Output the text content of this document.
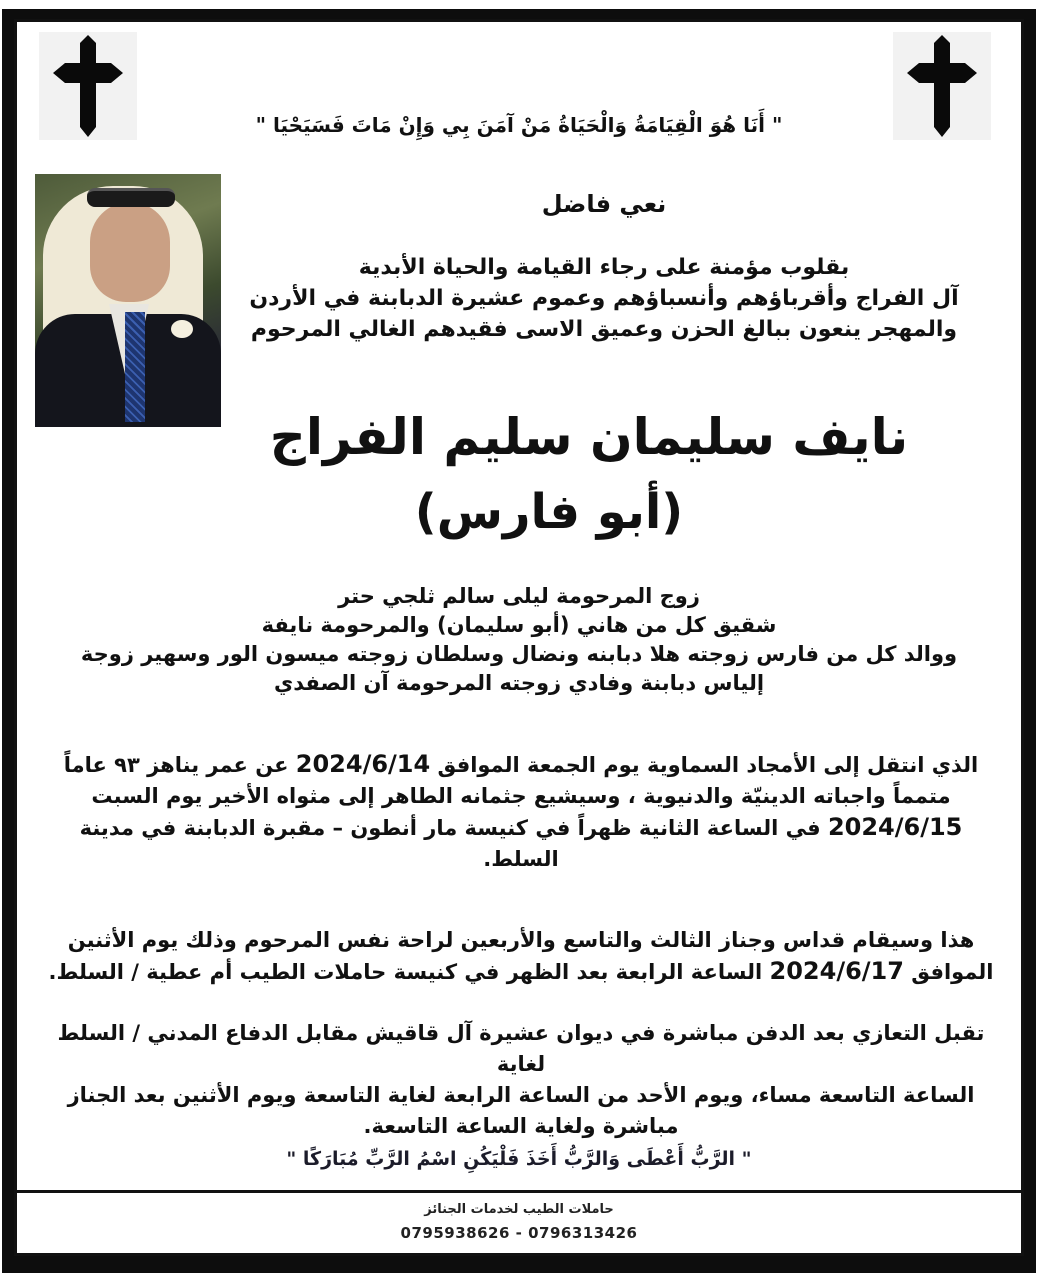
" أَنَا هُوَ الْقِيَامَةُ وَالْحَيَاةُ مَنْ آمَنَ بِي وَإِنْ مَاتَ فَسَيَحْيَا "
نعي فاضل
بقلوب مؤمنة على رجاء القيامة والحياة الأبدية
آل الفراج وأقرباؤهم وأنسباؤهم وعموم عشيرة الدبابنة في الأردن
والمهجر ينعون ببالغ الحزن وعميق الاسى فقيدهم الغالي المرحوم
نايف سليمان سليم الفراج
(أبو فارس)
زوج المرحومة ليلى سالم ثلجي حتر
شقيق كل من هاني (أبو سليمان) والمرحومة نايفة
ووالد كل من فارس زوجته هلا دبابنه ونضال وسلطان زوجته ميسون الور وسهير زوجة
إلياس دبابنة وفادي زوجته المرحومة آن الصفدي
الذي انتقل إلى الأمجاد السماوية يوم الجمعة الموافق 2024/6/14 عن عمر يناهز ٩٣ عاماً
متمماً واجباته الدينيّة والدنيوية ، وسيشيع جثمانه الطاهر إلى مثواه الأخير يوم السبت
2024/6/15 في الساعة الثانية ظهراً في كنيسة مار أنطون – مقبرة الدبابنة في مدينة
السلط.
هذا وسيقام قداس وجناز الثالث والتاسع والأربعين لراحة نفس المرحوم وذلك يوم الأثنين
الموافق 2024/6/17 الساعة الرابعة بعد الظهر في كنيسة حاملات الطيب أم عطية / السلط.
تقبل التعازي بعد الدفن مباشرة في ديوان عشيرة آل قاقيش مقابل الدفاع المدني / السلط لغاية
الساعة التاسعة مساء، ويوم الأحد من الساعة الرابعة لغاية التاسعة ويوم الأثنين بعد الجناز
مباشرة ولغاية الساعة التاسعة.
" الرَّبُّ أَعْطَى وَالرَّبُّ أَخَذَ فَلْيَكُنِ اسْمُ الرَّبِّ مُبَارَكًا "
حاملات الطيب لخدمات الجنائز
0795938626 - 0796313426
